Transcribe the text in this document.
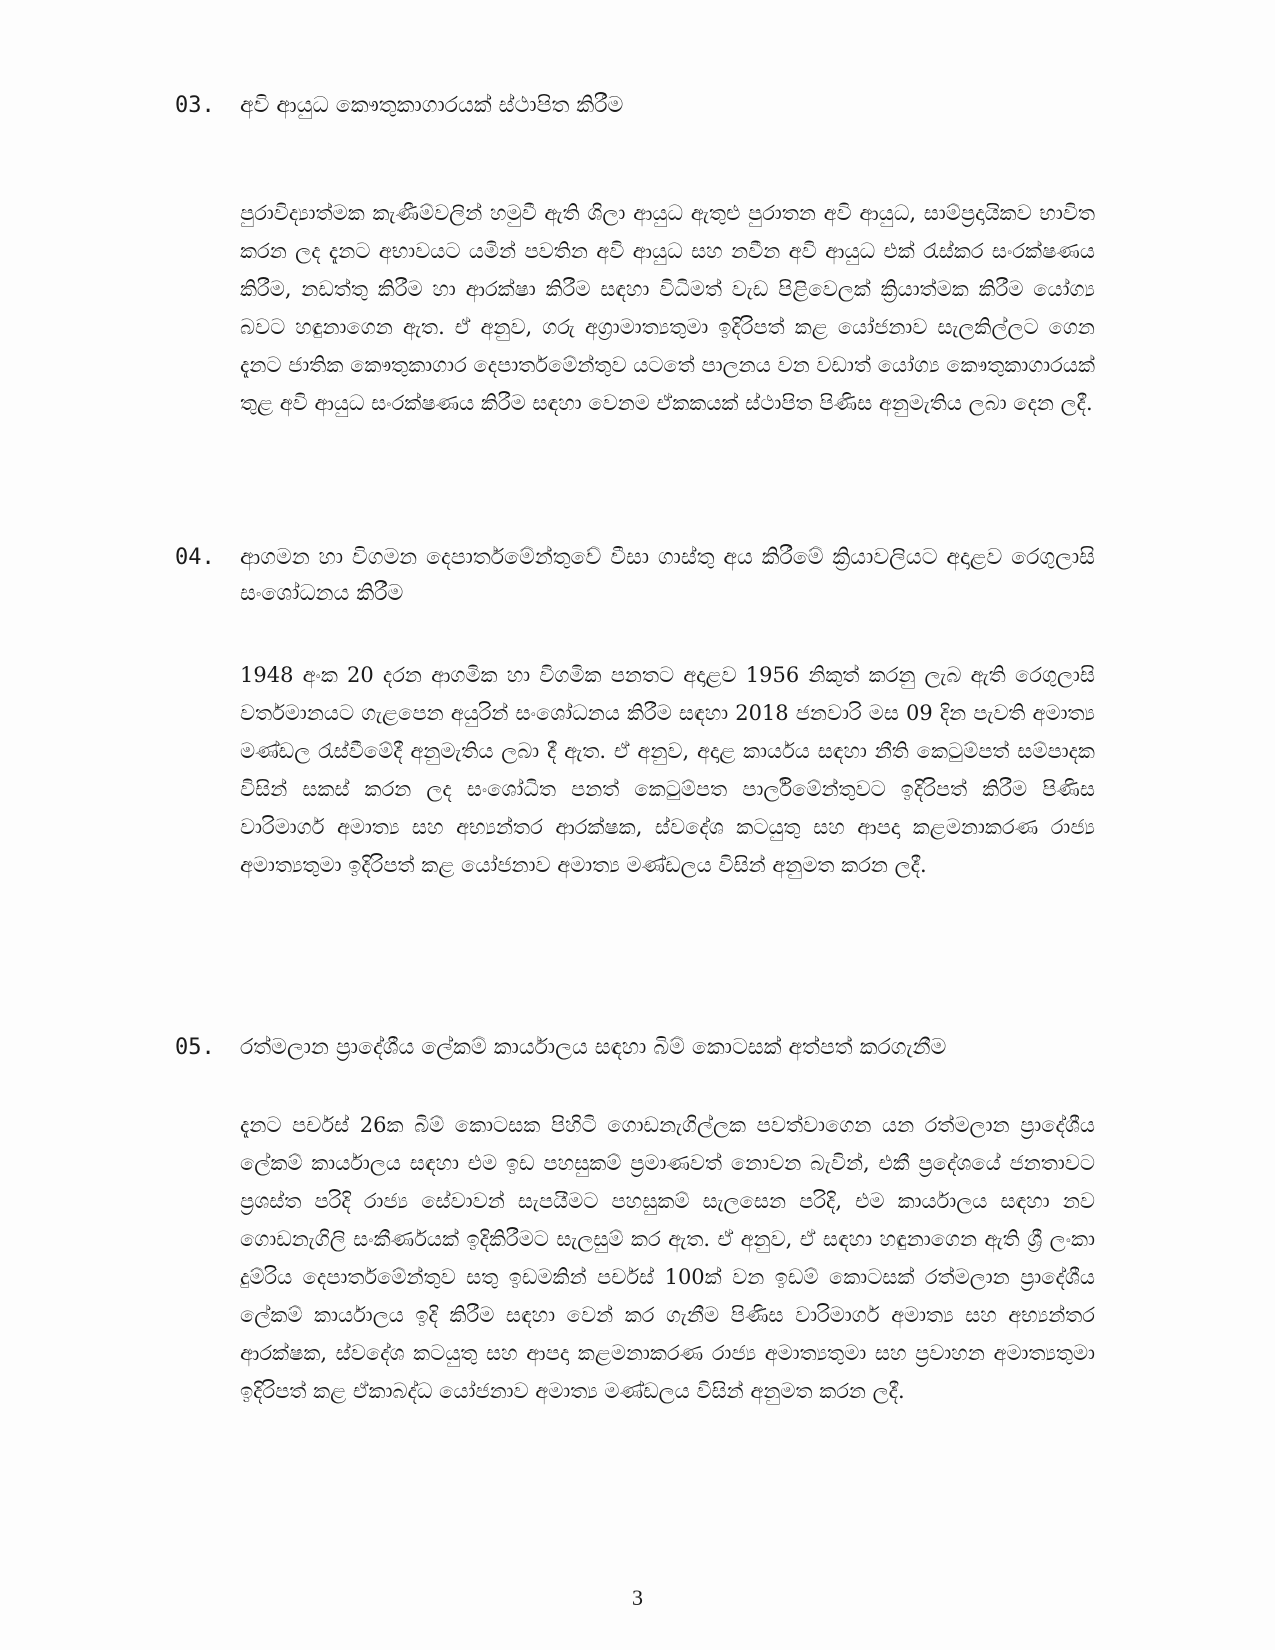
03.	අවි ආයුධ කෞතුකාගාරයක් ස්ථාපිත කිරීම
පුරාවිද්‍යාත්මක කැණීම්වලින් හමුවී ඇති ශිලා ආයුධ ඇතුළු පුරාතන අවි ආයුධ, සාම්ප්‍රදායිකව භාවිත කරන ලද දැනට අභාවයට යමින් පවතින අවි ආයුධ සහ නවීන අවි ආයුධ එක් රැස්කර සංරක්ෂණය කිරීම, නඩත්තු කිරීම හා ආරක්ෂා කිරීම සඳහා විධිමත් වැඩ පිළිවෙලක් ක්‍රියාත්මක කිරීම යෝග්‍ය බවට හඳුනාගෙන ඇත. ඒ අනුව, ගරු අග්‍රාමාත්‍යතුමා ඉදිරිපත් කළ යෝජනාව සැලකිල්ලට ගෙන දැනට ජාතික කෞතුකාගාර දෙපාර්තමේන්තුව යටතේ පාලනය වන වඩාත් යෝග්‍ය කෞතුකාගාරයක් තුළ අවි ආයුධ සංරක්ෂණය කිරීම සඳහා වෙනම ඒකකයක් ස්ථාපිත පිණිස අනුමැතිය ලබා දෙන ලදී.
04.	ආගමන හා විගමන දෙපාර්තමේන්තුවේ වීසා ගාස්තු අය කිරීමේ ක්‍රියාවලියට අදාළව රෙගුලාසි සංශෝධනය කිරීම
1948 අංක 20 දරන ආගමික හා විගමික පනතට අදාළව 1956 නිකුත් කරනු ලැබ ඇති රෙගුලාසි වර්තමානයට ගැළපෙන අයුරින් සංශෝධනය කිරීම සඳහා 2018 ජනවාරි මස 09 දින පැවති අමාත්‍ය මණ්ඩල රැස්වීමේදී අනුමැතිය ලබා දී ඇත. ඒ අනුව, අදාළ කාර්යය සඳහා නීති කෙටුම්පත් සම්පාදක විසින් සකස් කරන ලද සංශෝධිත පනත් කෙටුම්පත පාර්ලිමේන්තුවට ඉදිරිපත් කිරීම පිණිස වාරිමාර්ග අමාත්‍ය සහ අභ්‍යන්තර ආරක්ෂක, ස්වදේශ කටයුතු සහ ආපදා කළමනාකරණ රාජ්‍ය අමාත්‍යතුමා ඉදිරිපත් කළ යෝජනාව අමාත්‍ය මණ්ඩලය විසින් අනුමත කරන ලදී.
05.	රත්මලාන ප්‍රාදේශීය ලේකම් කාර්යාලය සඳහා බිම් කොටසක් අත්පත් කරගැනීම
දැනට පර්චස් 26ක බිම් කොටසක පිහිටි ගොඩනැගිල්ලක පවත්වාගෙන යන රත්මලාන ප්‍රාදේශීය ලේකම් කාර්යාලය සඳහා එම ඉඩ පහසුකම් ප්‍රමාණවත් නොවන බැවින්, එකී ප්‍රදේශයේ ජනතාවට ප්‍රශස්ත පරිදි රාජ්‍ය සේවාවන් සැපයීමට පහසුකම් සැලසෙන පරිදි, එම කාර්යාලය සඳහා නව ගොඩනැගිලි සංකීර්ණයක් ඉදිකිරීමට සැලසුම් කර ඇත. ඒ අනුව, ඒ සඳහා හඳුනාගෙන ඇති ශ්‍රී ලංකා දුම්රිය දෙපාර්තමේන්තුව සතු ඉඩමකින් පර්චස් 100ක් වන ඉඩම් කොටසක් රත්මලාන ප්‍රාදේශීය ලේකම් කාර්යාලය ඉදි කිරීම සඳහා වෙන් කර ගැනීම පිණිස වාරිමාර්ග අමාත්‍ය සහ අභ්‍යන්තර ආරක්ෂක, ස්වදේශ කටයුතු සහ ආපදා කළමනාකරණ රාජ්‍ය අමාත්‍යතුමා සහ ප්‍රවාහන අමාත්‍යතුමා ඉදිරිපත් කළ ඒකාබද්ධ යෝජනාව අමාත්‍ය මණ්ඩලය විසින් අනුමත කරන ලදී.
3
